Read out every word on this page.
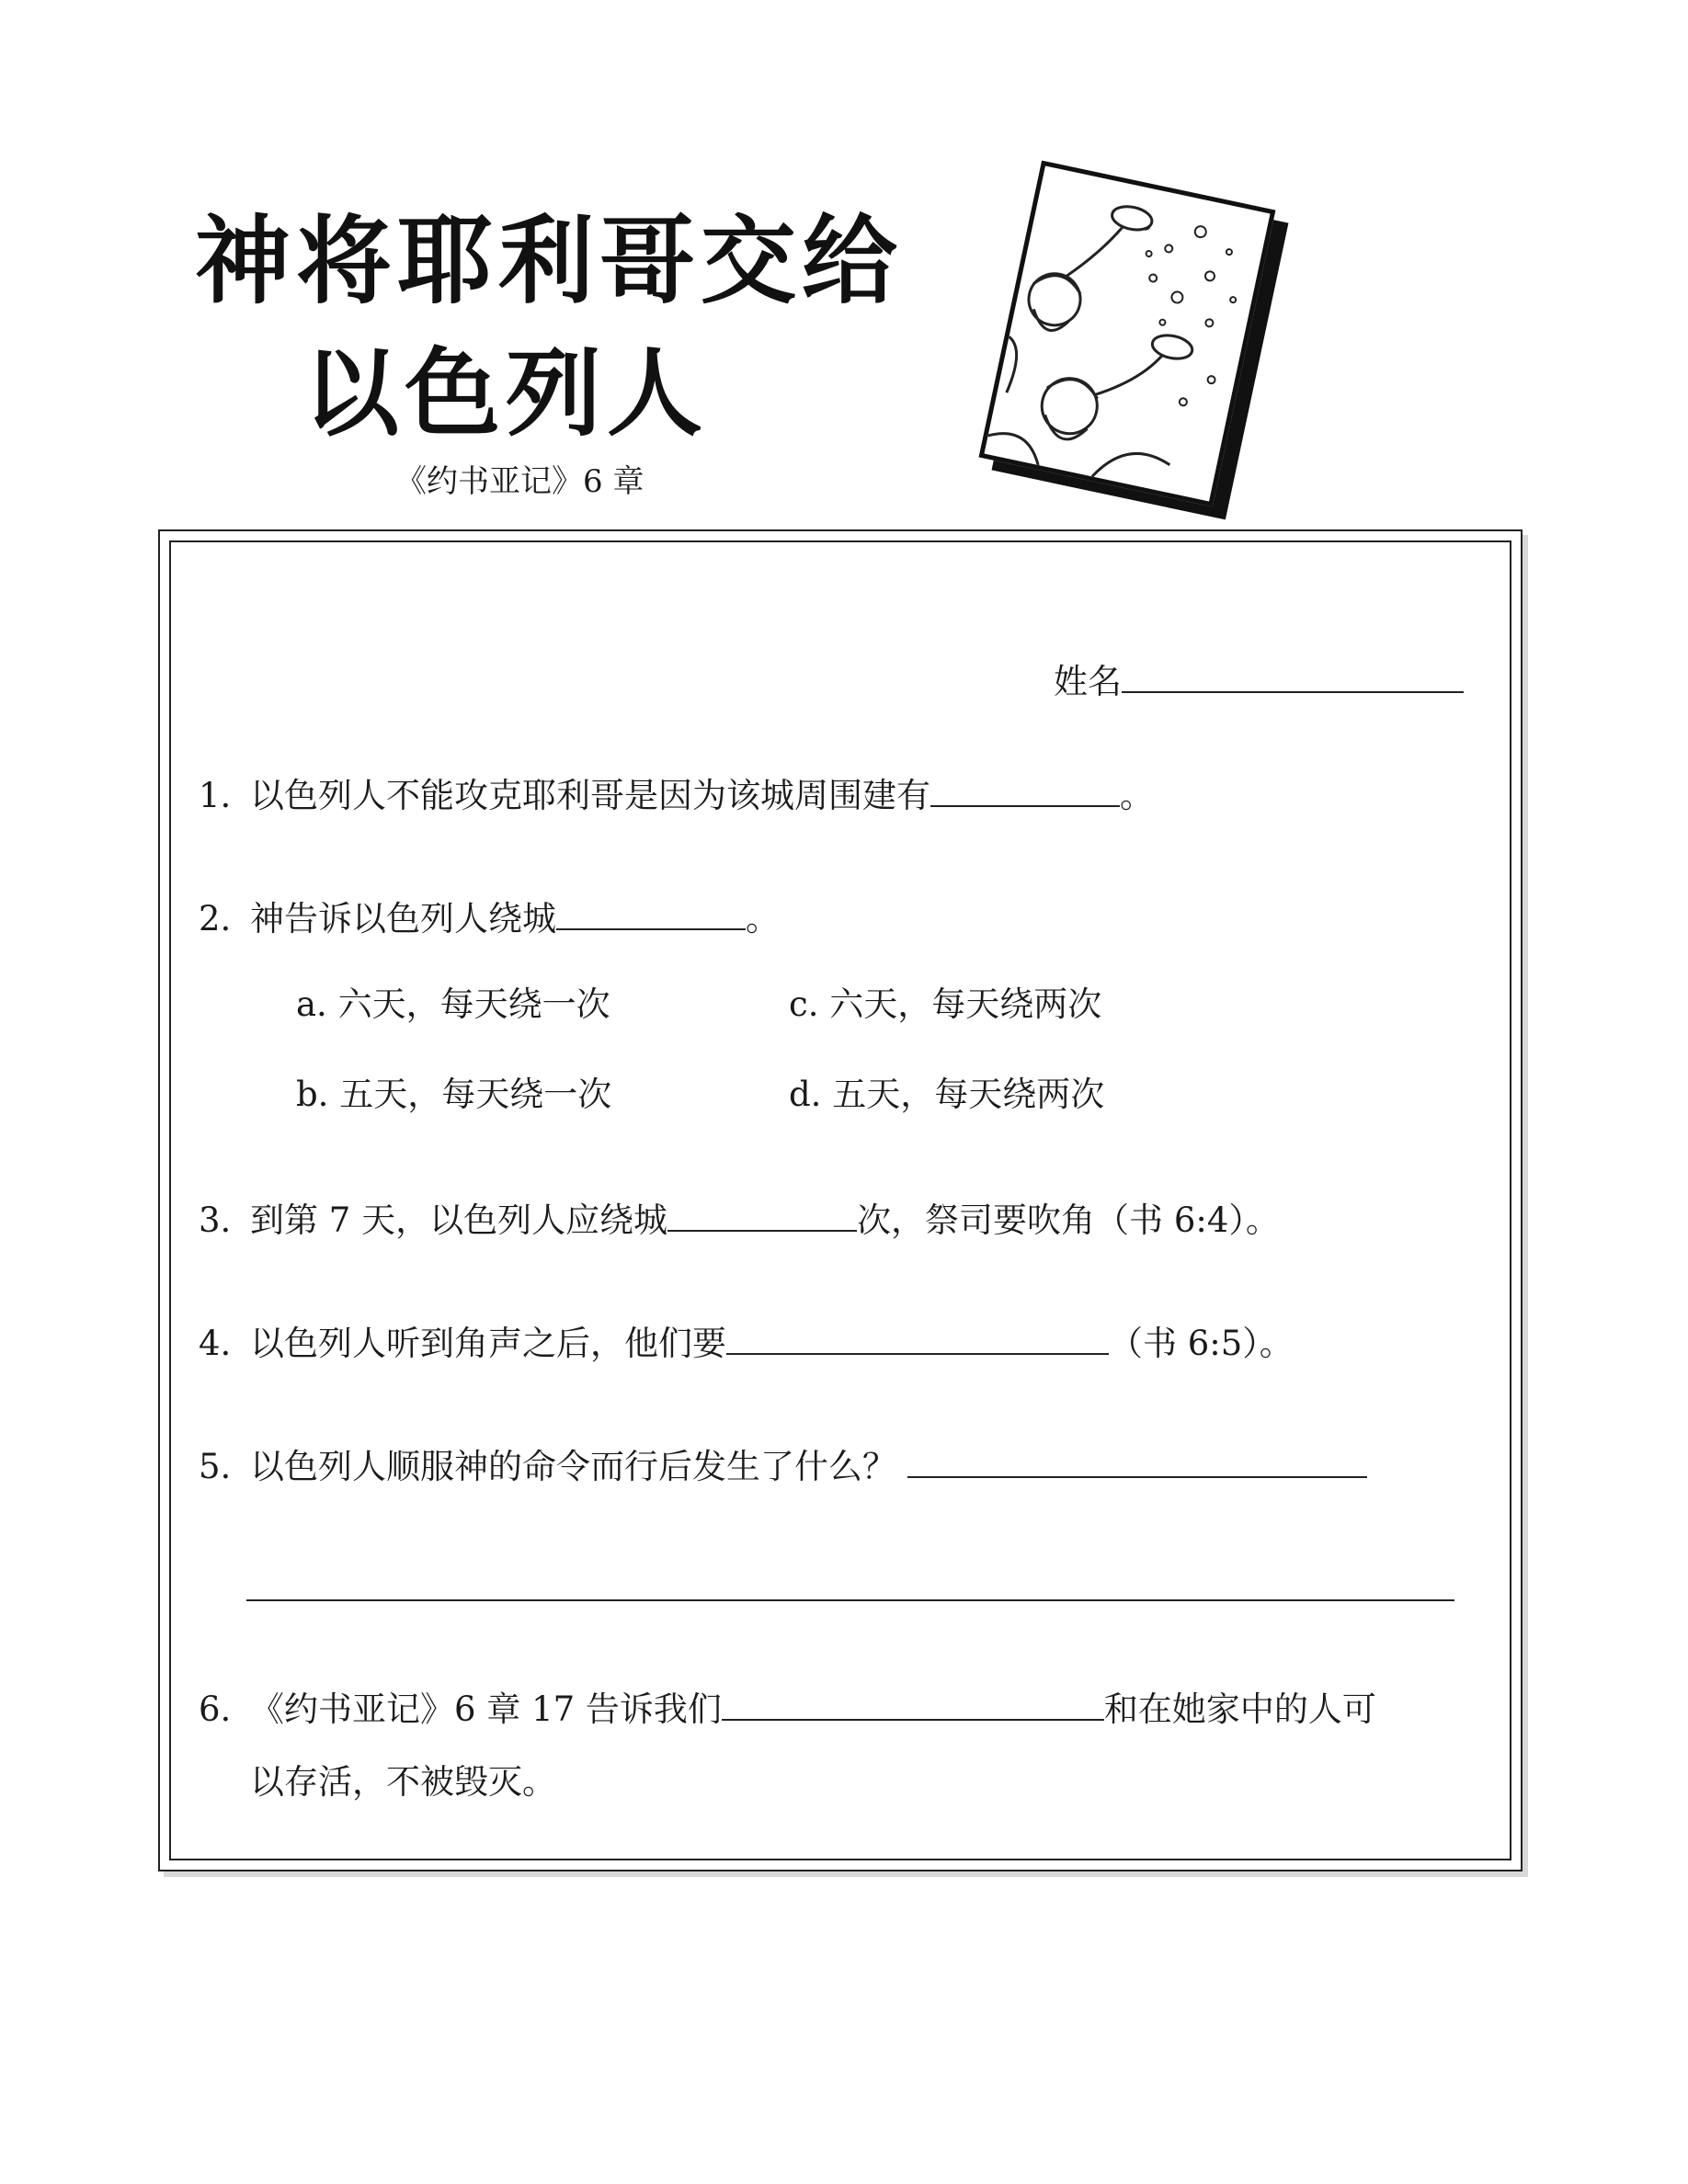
神将耶利哥交给
以色列人
《约书亚记》6 章
姓名
1. 以色列人不能攻克耶利哥是因为该城周围建有	。
2. 神告诉以色列人绕城	。
a. 六天，每天绕一次	c. 六天，每天绕两次
b. 五天，每天绕一次	d. 五天，每天绕两次
3. 到第 7 天，以色列人应绕城	次，祭司要吹角（书 6:4）。
4. 以色列人听到角声之后，他们要	（书 6:5）。
5. 以色列人顺服神的命令而行后发生了什么？
6. 《约书亚记》6 章 17 告诉我们	和在她家中的人可
以存活，不被毁灭。
